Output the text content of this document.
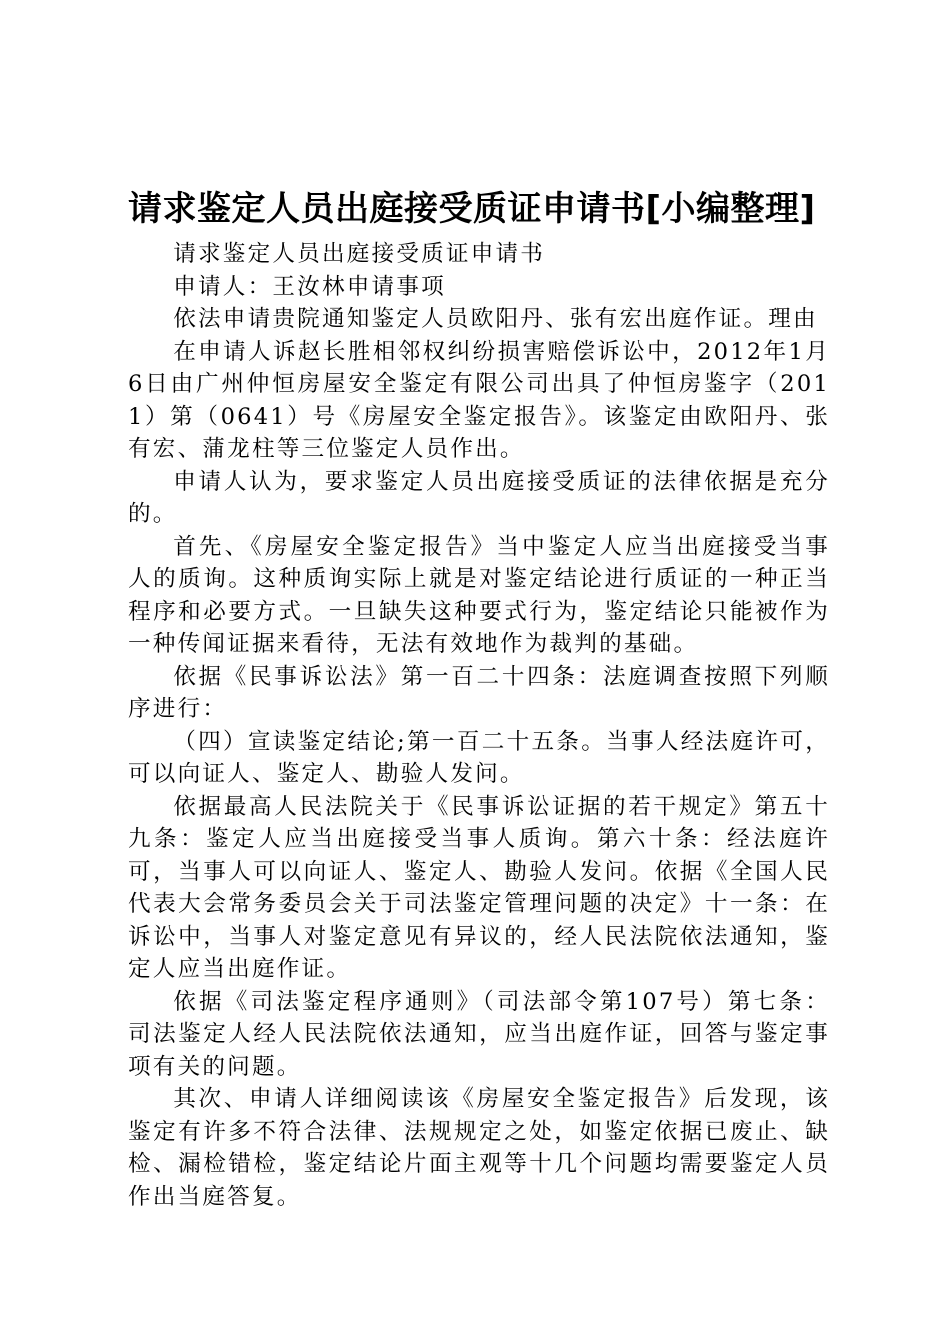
请求鉴定人员出庭接受质证申请书[小编整理]

请求鉴定人员出庭接受质证申请书

申请人：王汝林申请事项

依法申请贵院通知鉴定人员欧阳丹、张有宏出庭作证。理由

在申请人诉赵长胜相邻权纠纷损害赔偿诉讼中，2012年1月6日由广州仲恒房屋安全鉴定有限公司出具了仲恒房鉴字（2011）第（0641）号《房屋安全鉴定报告》。该鉴定由欧阳丹、张有宏、蒲龙柱等三位鉴定人员作出。

申请人认为，要求鉴定人员出庭接受质证的法律依据是充分的。

首先、《房屋安全鉴定报告》当中鉴定人应当出庭接受当事人的质询。这种质询实际上就是对鉴定结论进行质证的一种正当程序和必要方式。一旦缺失这种要式行为，鉴定结论只能被作为一种传闻证据来看待，无法有效地作为裁判的基础。

依据《民事诉讼法》第一百二十四条：法庭调查按照下列顺序进行：

（四）宣读鉴定结论;第一百二十五条。当事人经法庭许可，可以向证人、鉴定人、勘验人发问。

依据最高人民法院关于《民事诉讼证据的若干规定》第五十九条：鉴定人应当出庭接受当事人质询。第六十条：经法庭许可，当事人可以向证人、鉴定人、勘验人发问。依据《全国人民代表大会常务委员会关于司法鉴定管理问题的决定》十一条：在诉讼中，当事人对鉴定意见有异议的，经人民法院依法通知，鉴定人应当出庭作证。

依据《司法鉴定程序通则》（司法部令第107号）第七条：司法鉴定人经人民法院依法通知，应当出庭作证，回答与鉴定事项有关的问题。

其次、申请人详细阅读该《房屋安全鉴定报告》后发现，该鉴定有许多不符合法律、法规规定之处，如鉴定依据已废止、缺检、漏检错检，鉴定结论片面主观等十几个问题均需要鉴定人员作出当庭答复。
